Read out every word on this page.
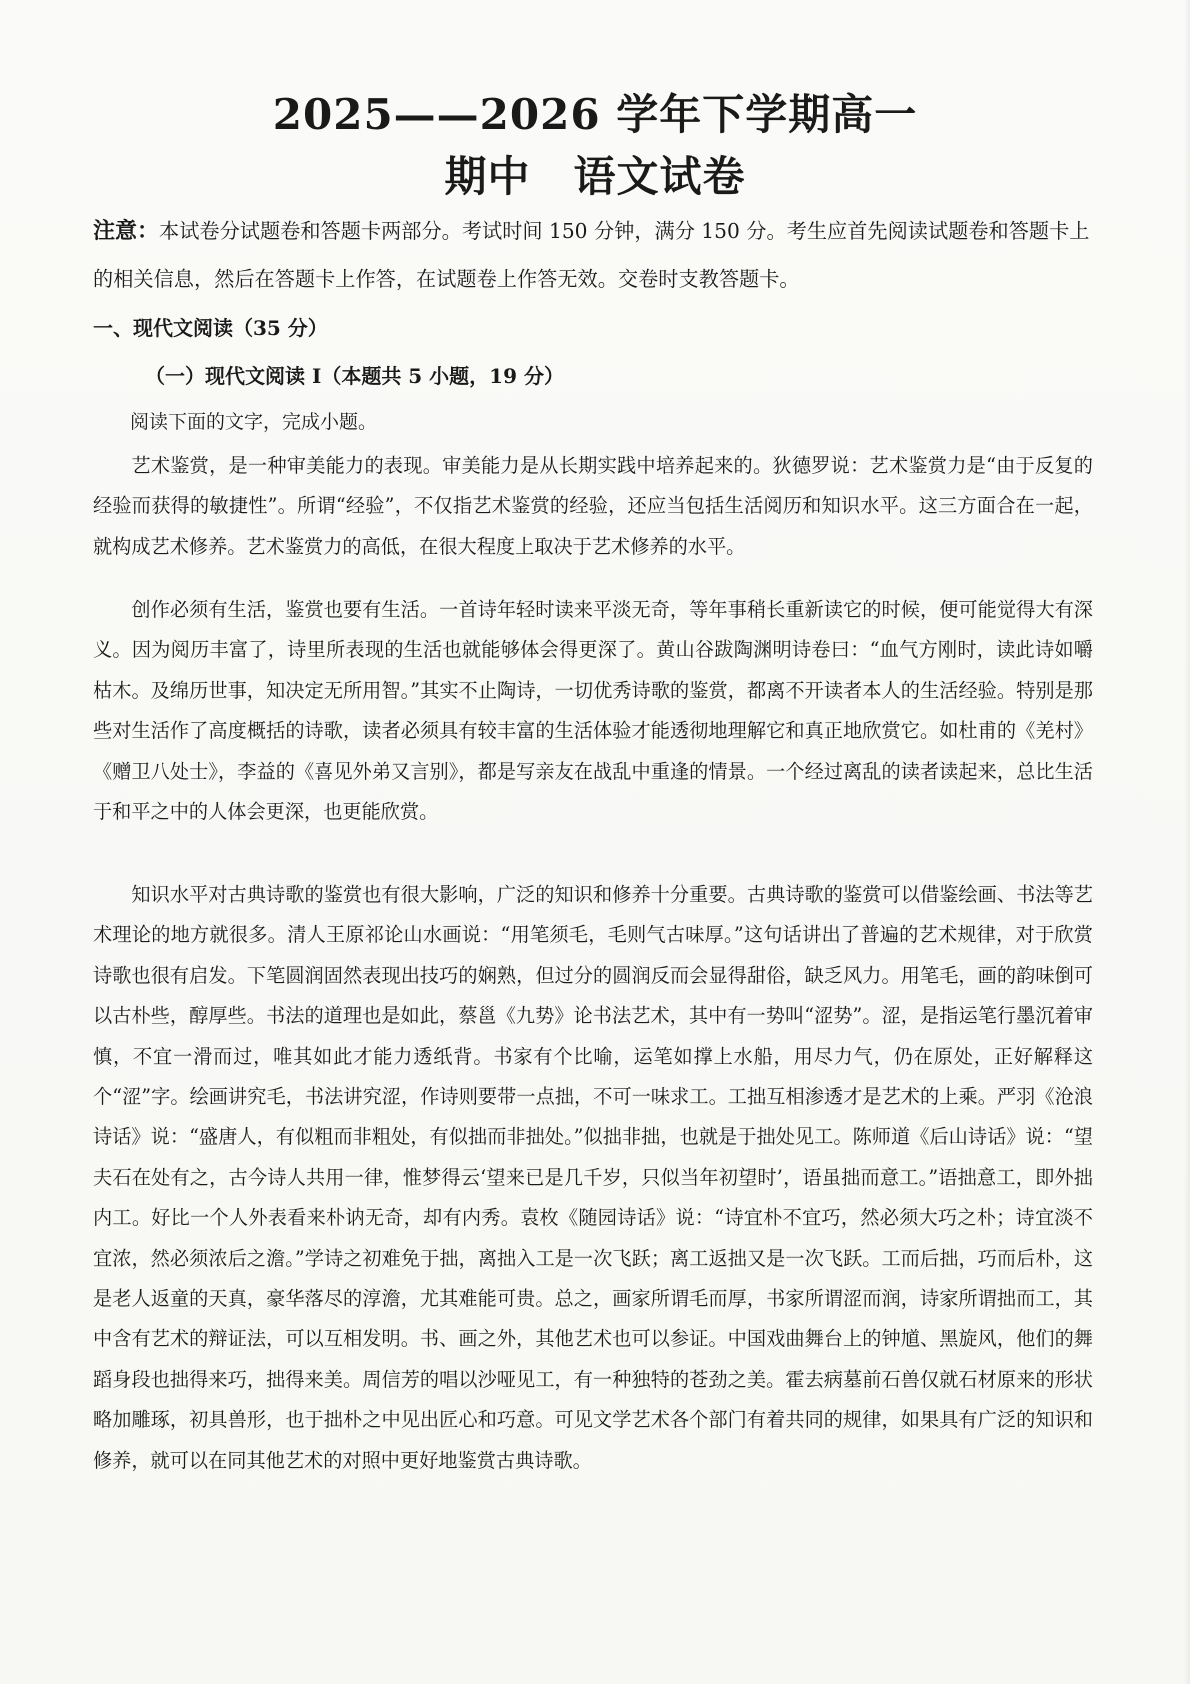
2025——2026 学年下学期高一
期中　语文试卷
注意：本试卷分试题卷和答题卡两部分。考试时间 150 分钟，满分 150 分。考生应首先阅读试题卷和答题卡上的相关信息，然后在答题卡上作答，在试题卷上作答无效。交卷时支教答题卡。
一、现代文阅读（35 分）
（一）现代文阅读 I（本题共 5 小题，19 分）
阅读下面的文字，完成小题。

艺术鉴赏，是一种审美能力的表现。审美能力是从长期实践中培养起来的。狄德罗说：艺术鉴赏力是“由于反复的经验而获得的敏捷性”。所谓“经验”，不仅指艺术鉴赏的经验，还应当包括生活阅历和知识水平。这三方面合在一起，就构成艺术修养。艺术鉴赏力的高低，在很大程度上取决于艺术修养的水平。

创作必须有生活，鉴赏也要有生活。一首诗年轻时读来平淡无奇，等年事稍长重新读它的时候，便可能觉得大有深义。因为阅历丰富了，诗里所表现的生活也就能够体会得更深了。黄山谷跋陶渊明诗卷曰：“血气方刚时，读此诗如嚼枯木。及绵历世事，知决定无所用智。”其实不止陶诗，一切优秀诗歌的鉴赏，都离不开读者本人的生活经验。特别是那些对生活作了高度概括的诗歌，读者必须具有较丰富的生活体验才能透彻地理解它和真正地欣赏它。如杜甫的《羌村》《赠卫八处士》，李益的《喜见外弟又言别》，都是写亲友在战乱中重逢的情景。一个经过离乱的读者读起来，总比生活于和平之中的人体会更深，也更能欣赏。

知识水平对古典诗歌的鉴赏也有很大影响，广泛的知识和修养十分重要。古典诗歌的鉴赏可以借鉴绘画、书法等艺术理论的地方就很多。清人王原祁论山水画说：“用笔须毛，毛则气古味厚。”这句话讲出了普遍的艺术规律，对于欣赏诗歌也很有启发。下笔圆润固然表现出技巧的娴熟，但过分的圆润反而会显得甜俗，缺乏风力。用笔毛，画的韵味倒可以古朴些，醇厚些。书法的道理也是如此，蔡邕《九势》论书法艺术，其中有一势叫“涩势”。涩，是指运笔行墨沉着审慎，不宜一滑而过，唯其如此才能力透纸背。书家有个比喻，运笔如撑上水船，用尽力气，仍在原处，正好解释这个“涩”字。绘画讲究毛，书法讲究涩，作诗则要带一点拙，不可一味求工。工拙互相渗透才是艺术的上乘。严羽《沧浪诗话》说：“盛唐人，有似粗而非粗处，有似拙而非拙处。”似拙非拙，也就是于拙处见工。陈师道《后山诗话》说：“望夫石在处有之，古今诗人共用一律，惟梦得云‘望来已是几千岁，只似当年初望时’，语虽拙而意工。”语拙意工，即外拙内工。好比一个人外表看来朴讷无奇，却有内秀。袁枚《随园诗话》说：“诗宜朴不宜巧，然必须大巧之朴；诗宜淡不宜浓，然必须浓后之澹。”学诗之初难免于拙，离拙入工是一次飞跃；离工返拙又是一次飞跃。工而后拙，巧而后朴，这是老人返童的天真，豪华落尽的淳澹，尤其难能可贵。总之，画家所谓毛而厚，书家所谓涩而润，诗家所谓拙而工，其中含有艺术的辩证法，可以互相发明。书、画之外，其他艺术也可以参证。中国戏曲舞台上的钟馗、黑旋风，他们的舞蹈身段也拙得来巧，拙得来美。周信芳的唱以沙哑见工，有一种独特的苍劲之美。霍去病墓前石兽仅就石材原来的形状略加雕琢，初具兽形，也于拙朴之中见出匠心和巧意。可见文学艺术各个部门有着共同的规律，如果具有广泛的知识和修养，就可以在同其他艺术的对照中更好地鉴赏古典诗歌。
